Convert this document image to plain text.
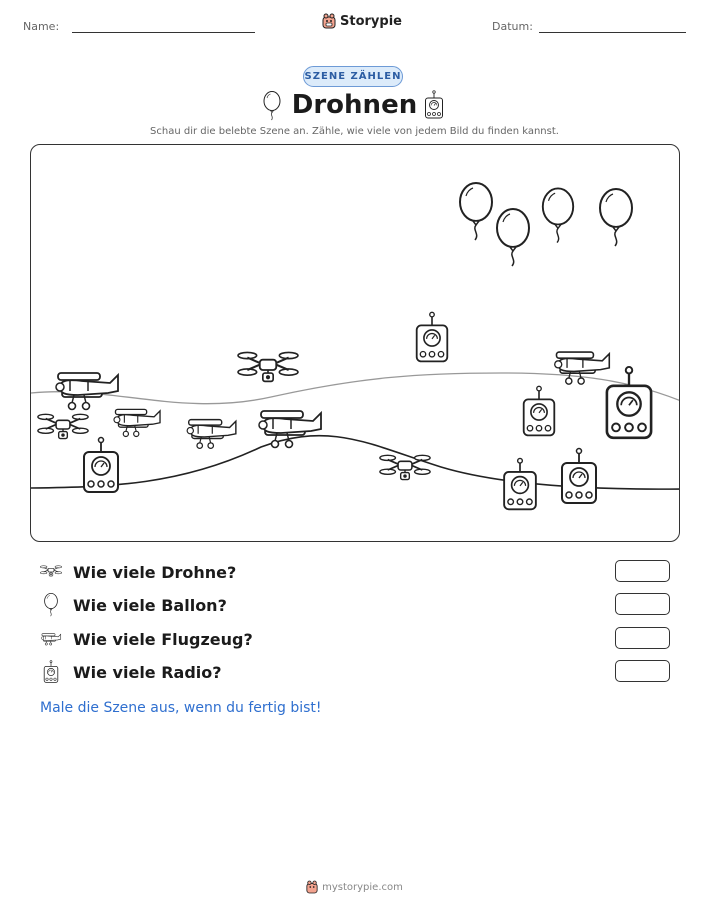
Name:	Storypie	Datum:
SZENE ZÄHLEN
Drohnen
Schau dir die belebte Szene an. Zähle, wie viele von jedem Bild du finden kannst.
Wie viele Drohne?
Wie viele Ballon?
Wie viele Flugzeug?
Wie viele Radio?
Male die Szene aus, wenn du fertig bist!
mystorypie.com
